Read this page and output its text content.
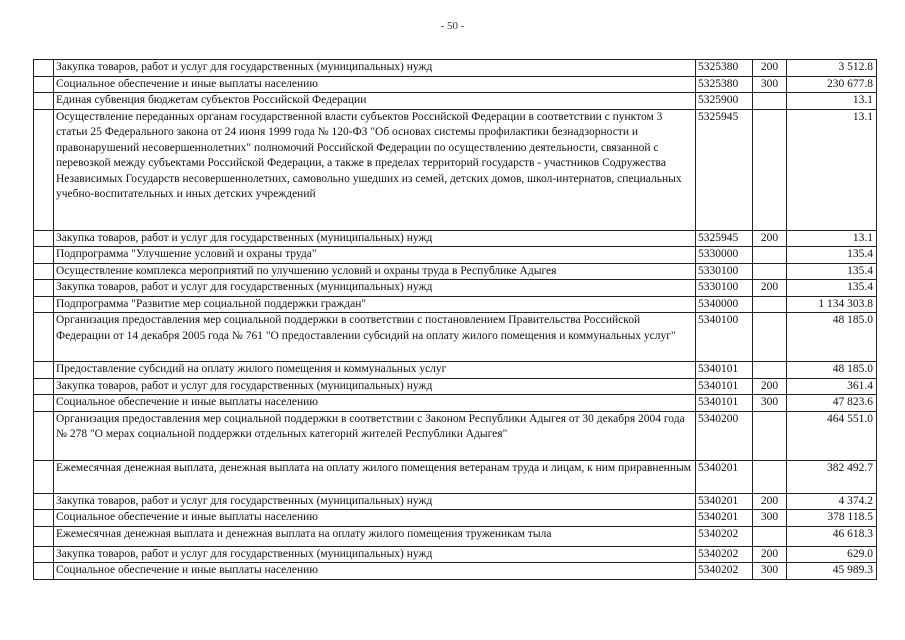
- 50 -
	Закупка товаров, работ и услуг для государственных (муниципальных) нужд	5325380	200	3 512.8
	Социальное обеспечение и иные выплаты населению	5325380	300	230 677.8
	Единая субвенция бюджетам субъектов Российской Федерации	5325900		13.1
	Осуществление переданных органам государственной власти субъектов Российской Федерации в соответствии с пунктом 3 статьи 25 Федерального закона от 24 июня 1999 года № 120-ФЗ "Об основах системы профилактики безнадзорности и правонарушений несовершеннолетних" полномочий Российской Федерации по осуществлению деятельности, связанной с перевозкой между субъектами Российской Федерации, а также в пределах территорий государств - участников Содружества Независимых Государств несовершеннолетних, самовольно ушедших из семей, детских домов, школ-интернатов, специальных учебно-воспитательных и иных детских учреждений	5325945		13.1
	Закупка товаров, работ и услуг для государственных (муниципальных) нужд	5325945	200	13.1
	Подпрограмма "Улучшение условий и охраны труда"	5330000		135.4
	Осуществление комплекса мероприятий по улучшению условий и охраны труда в Республике Адыгея	5330100		135.4
	Закупка товаров, работ и услуг для государственных (муниципальных) нужд	5330100	200	135.4
	Подпрограмма "Развитие мер социальной поддержки граждан"	5340000		1 134 303.8
	Организация предоставления мер социальной поддержки в соответствии с постановлением Правительства Российской Федерации от 14 декабря 2005 года № 761 "О предоставлении субсидий на оплату жилого помещения и коммунальных услуг"	5340100		48 185.0
	Предоставление субсидий на оплату жилого помещения и коммунальных услуг	5340101		48 185.0
	Закупка товаров, работ и услуг для государственных (муниципальных) нужд	5340101	200	361.4
	Социальное обеспечение и иные выплаты населению	5340101	300	47 823.6
	Организация предоставления мер социальной поддержки в соответствии с Законом Республики Адыгея от 30 декабря 2004 года № 278 "О мерах социальной поддержки отдельных категорий жителей Республики Адыгея"	5340200		464 551.0
	Ежемесячная денежная выплата, денежная выплата на оплату жилого помещения ветеранам труда и лицам, к ним приравненным	5340201		382 492.7
	Закупка товаров, работ и услуг для государственных (муниципальных) нужд	5340201	200	4 374.2
	Социальное обеспечение и иные выплаты населению	5340201	300	378 118.5
	Ежемесячная денежная выплата и денежная выплата на оплату жилого помещения труженикам тыла	5340202		46 618.3
	Закупка товаров, работ и услуг для государственных (муниципальных) нужд	5340202	200	629.0
	Социальное обеспечение и иные выплаты населению	5340202	300	45 989.3
